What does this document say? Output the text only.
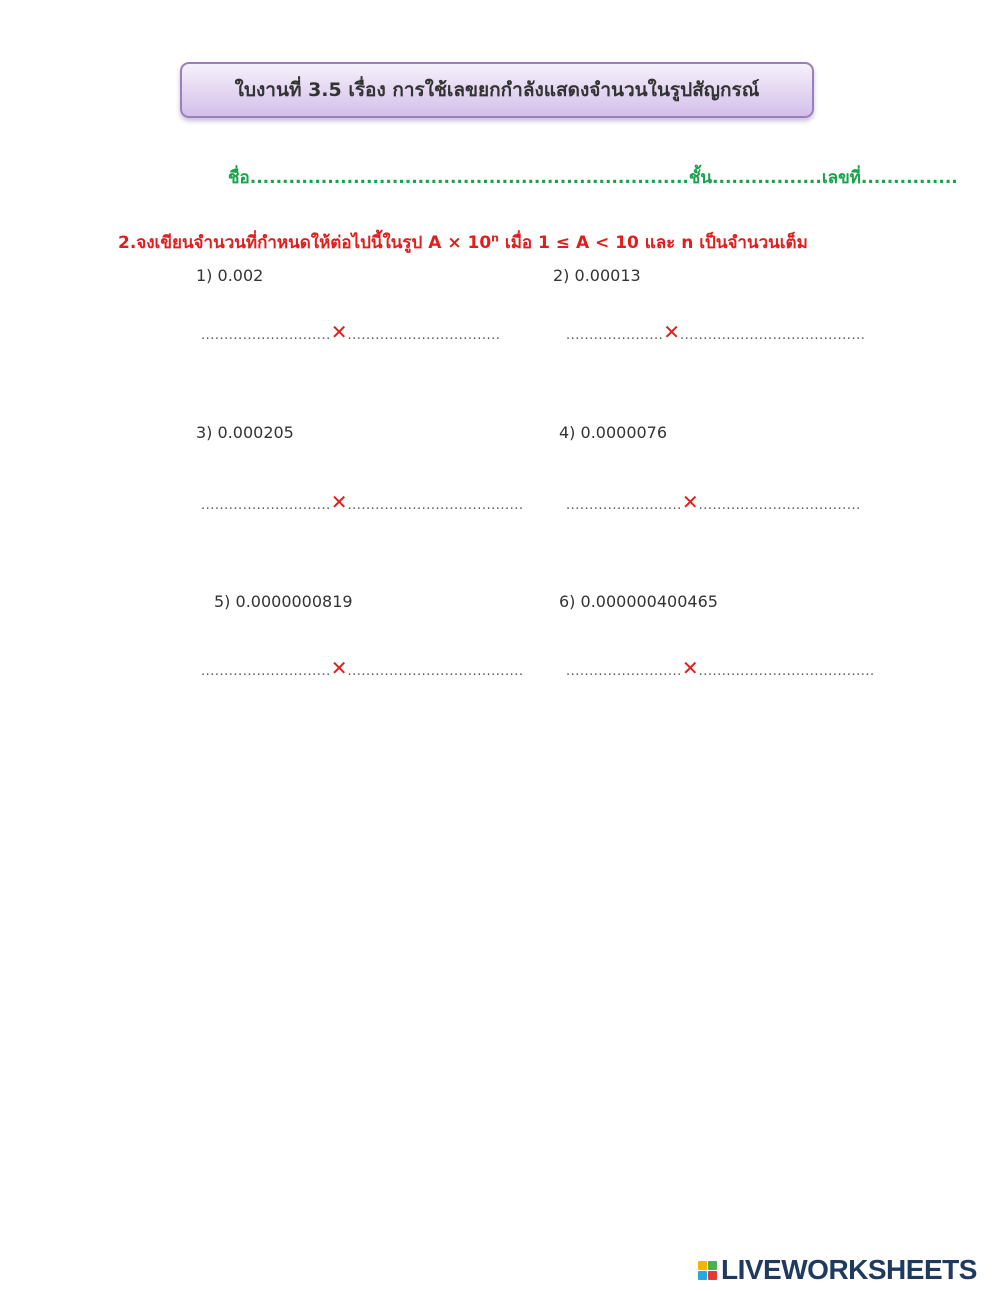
ใบงานที่ 3.5 เรื่อง การใช้เลขยกกำลังแสดงจำนวนในรูปสัญกรณ์
ชื่อ....................................................................ชั้น.................เลขที่...............
2.จงเขียนจำนวนที่กำหนดให้ต่อไปนี้ในรูป $A \times 10^n$ เมื่อ 1 ≤ A < 10 และ n เป็นจำนวนเต็ม
1) 0.002
............................✕.................................
2) 0.00013
.....................✕........................................
3) 0.000205
............................✕......................................
4) 0.0000076
.........................✕...................................
5) 0.0000000819
............................✕......................................
6) 0.000000400465
.........................✕......................................
LIVEWORKSHEETS
